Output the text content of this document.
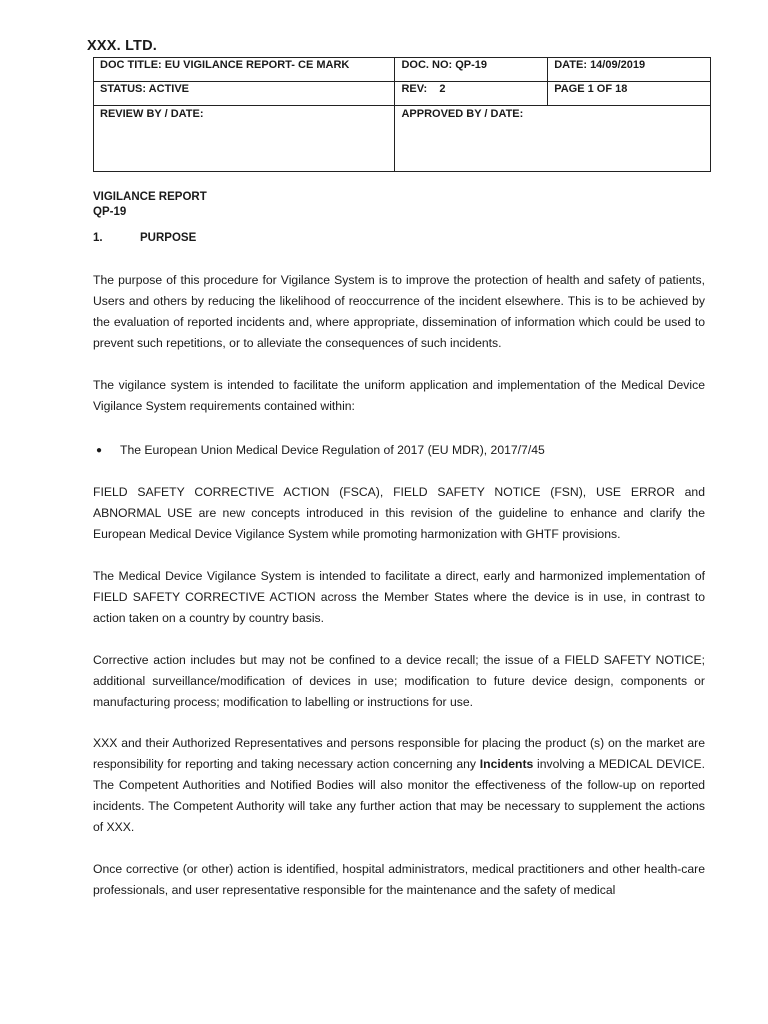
XXX. LTD.
DOC TITLE: EU VIGILANCE REPORT- CE MARK	DOC. NO: QP-19	DATE: 14/09/2019
STATUS: ACTIVE	REV:    2	PAGE 1 OF 18
REVIEW BY / DATE:	APPROVED BY / DATE:	
VIGILANCE REPORT
QP-19
1.	PURPOSE

The purpose of this procedure for Vigilance System is to improve the protection of health and safety of patients, Users and others by reducing the likelihood of reoccurrence of the incident elsewhere. This is to be achieved by the evaluation of reported incidents and, where appropriate, dissemination of information which could be used to prevent such repetitions, or to alleviate the consequences of such incidents.

The vigilance system is intended to facilitate the uniform application and implementation of the Medical Device Vigilance System requirements contained within:

● The European Union Medical Device Regulation of 2017 (EU MDR), 2017/7/45

FIELD SAFETY CORRECTIVE ACTION (FSCA), FIELD SAFETY NOTICE (FSN), USE ERROR and ABNORMAL USE are new concepts introduced in this revision of the guideline to enhance and clarify the European Medical Device Vigilance System while promoting harmonization with GHTF provisions.

The Medical Device Vigilance System is intended to facilitate a direct, early and harmonized implementation of FIELD SAFETY CORRECTIVE ACTION across the Member States where the device is in use, in contrast to action taken on a country by country basis.

Corrective action includes but may not be confined to a device recall; the issue of a FIELD SAFETY NOTICE; additional surveillance/modification of devices in use; modification to future device design, components or manufacturing process; modification to labelling or instructions for use.

XXX and their Authorized Representatives and persons responsible for placing the product (s) on the market are responsibility for reporting and taking necessary action concerning any Incidents involving a MEDICAL DEVICE. The Competent Authorities and Notified Bodies will also monitor the effectiveness of the follow-up on reported incidents. The Competent Authority will take any further action that may be necessary to supplement the actions of XXX.

Once corrective (or other) action is identified, hospital administrators, medical practitioners and other health-care professionals, and user representative responsible for the maintenance and the safety of medical
